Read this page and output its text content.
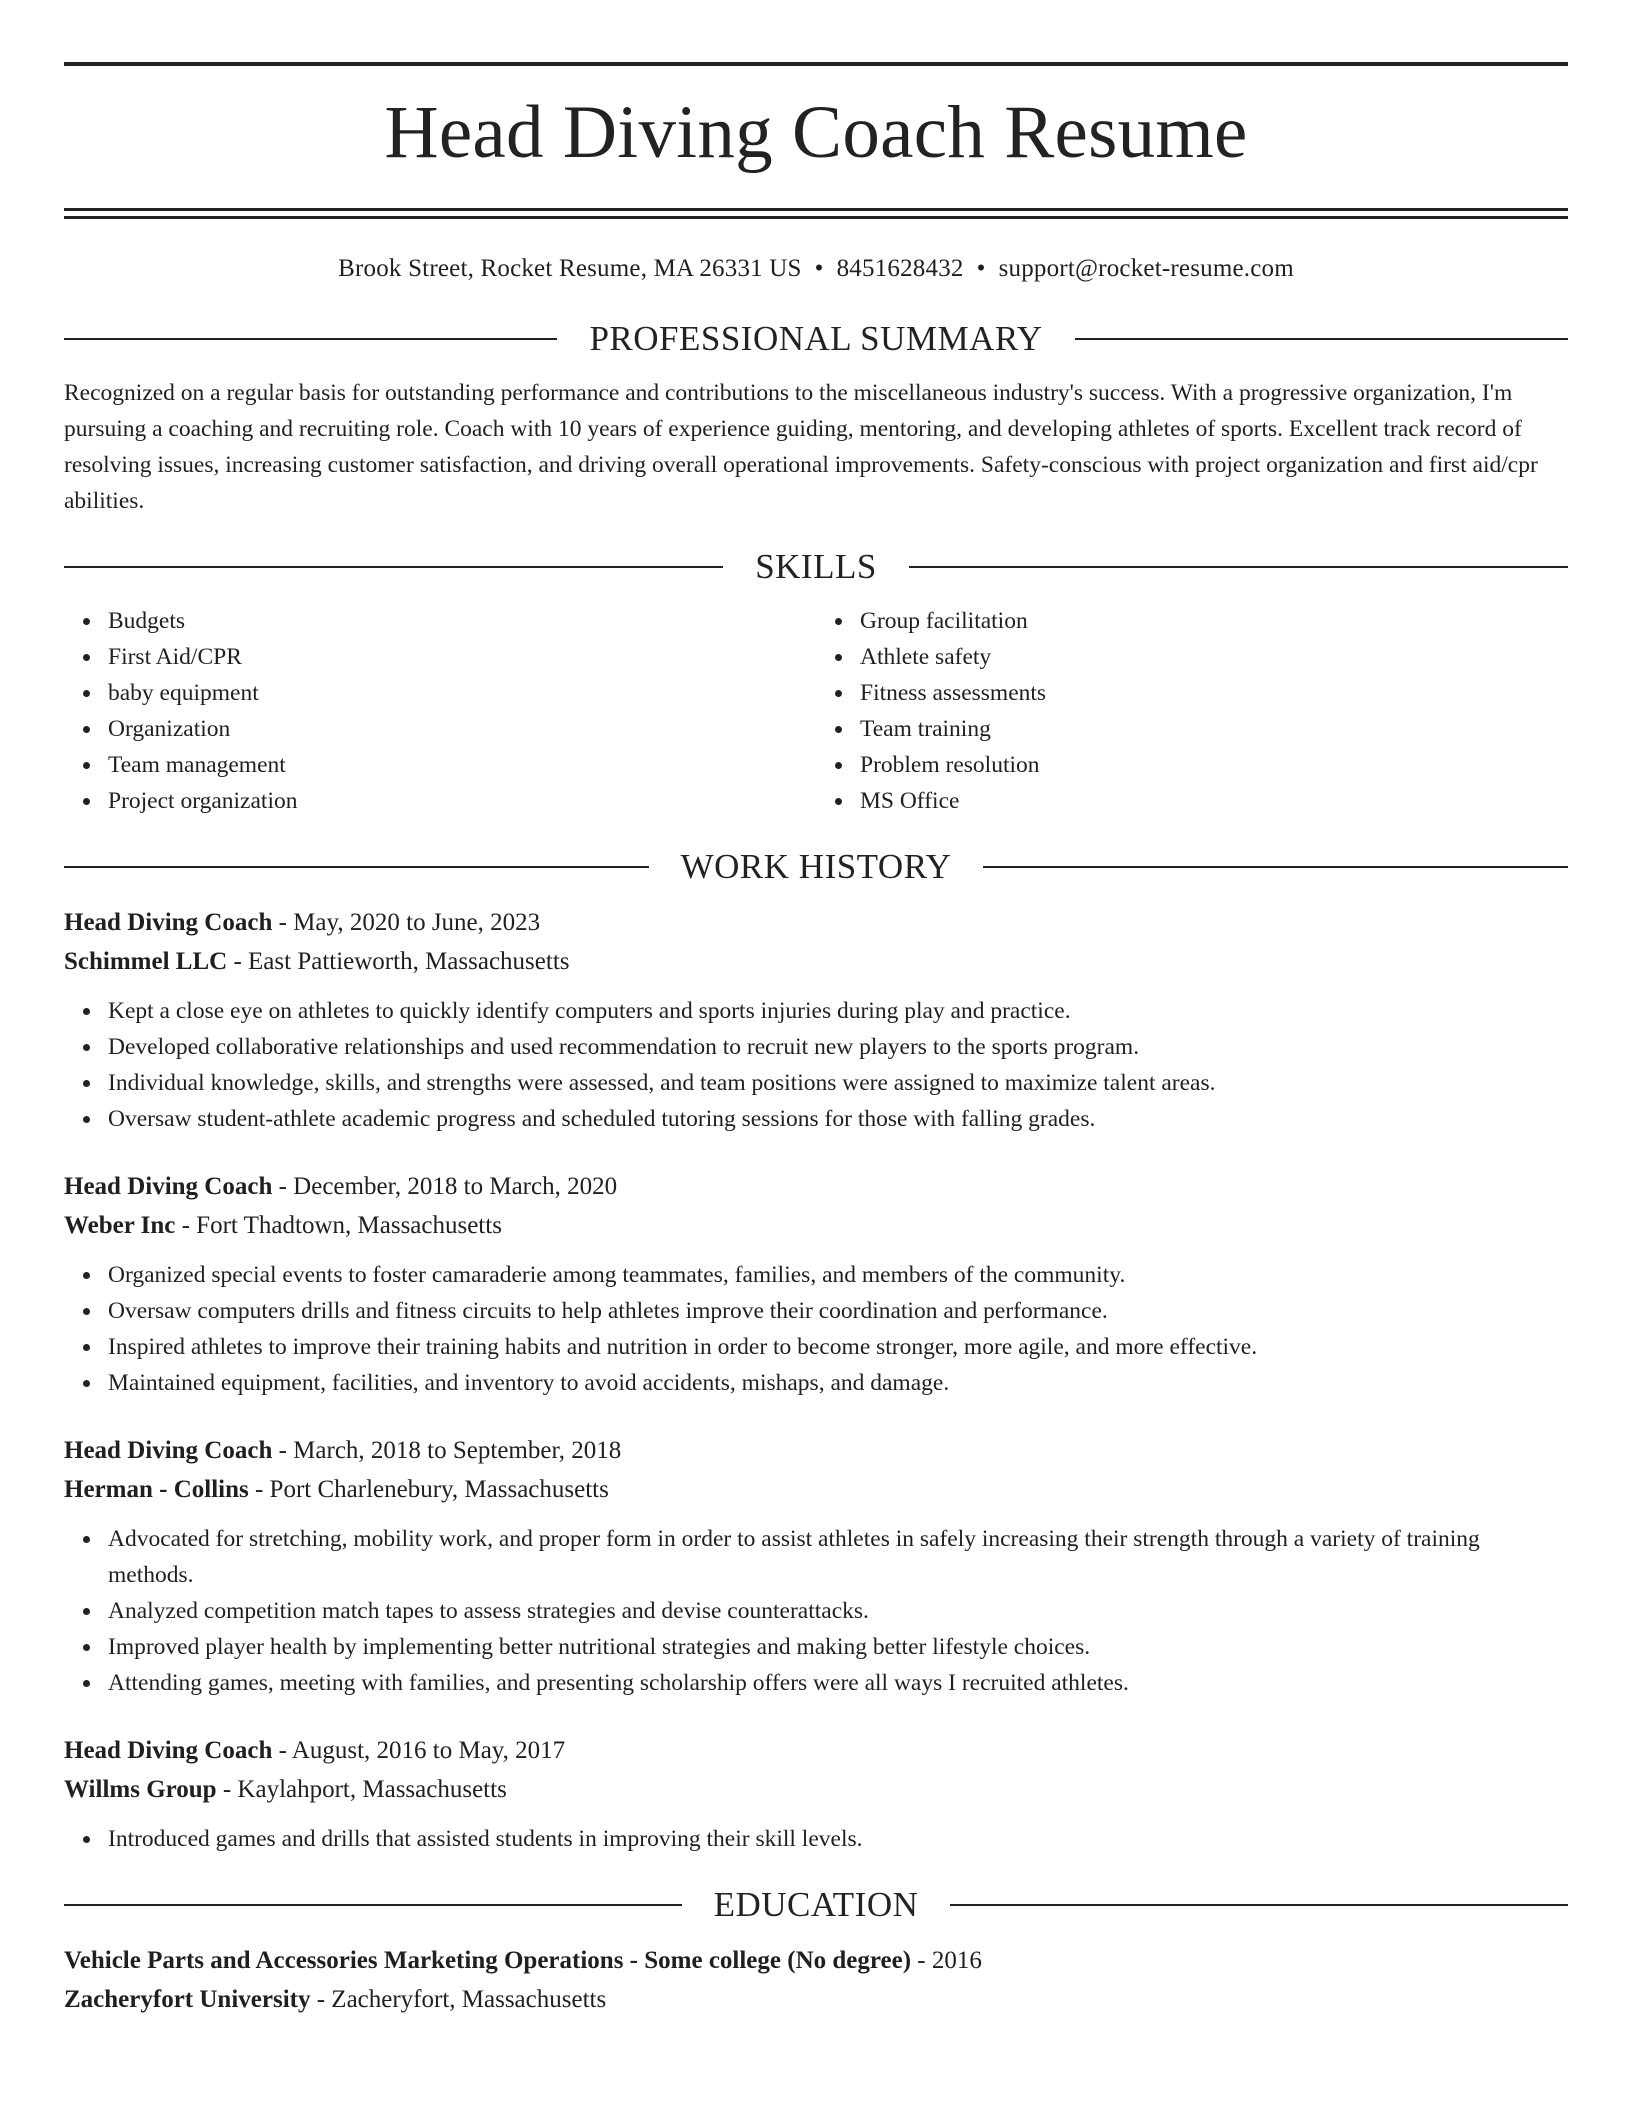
Head Diving Coach Resume
Brook Street, Rocket Resume, MA 26331 US • 8451628432 • support@rocket-resume.com
PROFESSIONAL SUMMARY

Recognized on a regular basis for outstanding performance and contributions to the miscellaneous industry's success. With a progressive organization, I'm pursuing a coaching and recruiting role. Coach with 10 years of experience guiding, mentoring, and developing athletes of sports. Excellent track record of resolving issues, increasing customer satisfaction, and driving overall operational improvements. Safety-conscious with project organization and first aid/cpr abilities.

SKILLS
Budgets
First Aid/CPR
baby equipment
Organization
Team management
Project organization
Group facilitation
Athlete safety
Fitness assessments
Team training
Problem resolution
MS Office
WORK HISTORY
Head Diving Coach - May, 2020 to June, 2023
Schimmel LLC - East Pattieworth, Massachusetts
Kept a close eye on athletes to quickly identify computers and sports injuries during play and practice.
Developed collaborative relationships and used recommendation to recruit new players to the sports program.
Individual knowledge, skills, and strengths were assessed, and team positions were assigned to maximize talent areas.
Oversaw student-athlete academic progress and scheduled tutoring sessions for those with falling grades.
Head Diving Coach - December, 2018 to March, 2020
Weber Inc - Fort Thadtown, Massachusetts
Organized special events to foster camaraderie among teammates, families, and members of the community.
Oversaw computers drills and fitness circuits to help athletes improve their coordination and performance.
Inspired athletes to improve their training habits and nutrition in order to become stronger, more agile, and more effective.
Maintained equipment, facilities, and inventory to avoid accidents, mishaps, and damage.
Head Diving Coach - March, 2018 to September, 2018
Herman - Collins - Port Charlenebury, Massachusetts
Advocated for stretching, mobility work, and proper form in order to assist athletes in safely increasing their strength through a variety of training methods.
Analyzed competition match tapes to assess strategies and devise counterattacks.
Improved player health by implementing better nutritional strategies and making better lifestyle choices.
Attending games, meeting with families, and presenting scholarship offers were all ways I recruited athletes.
Head Diving Coach - August, 2016 to May, 2017
Willms Group - Kaylahport, Massachusetts
Introduced games and drills that assisted students in improving their skill levels.
EDUCATION
Vehicle Parts and Accessories Marketing Operations - Some college (No degree) - 2016
Zacheryfort University - Zacheryfort, Massachusetts
